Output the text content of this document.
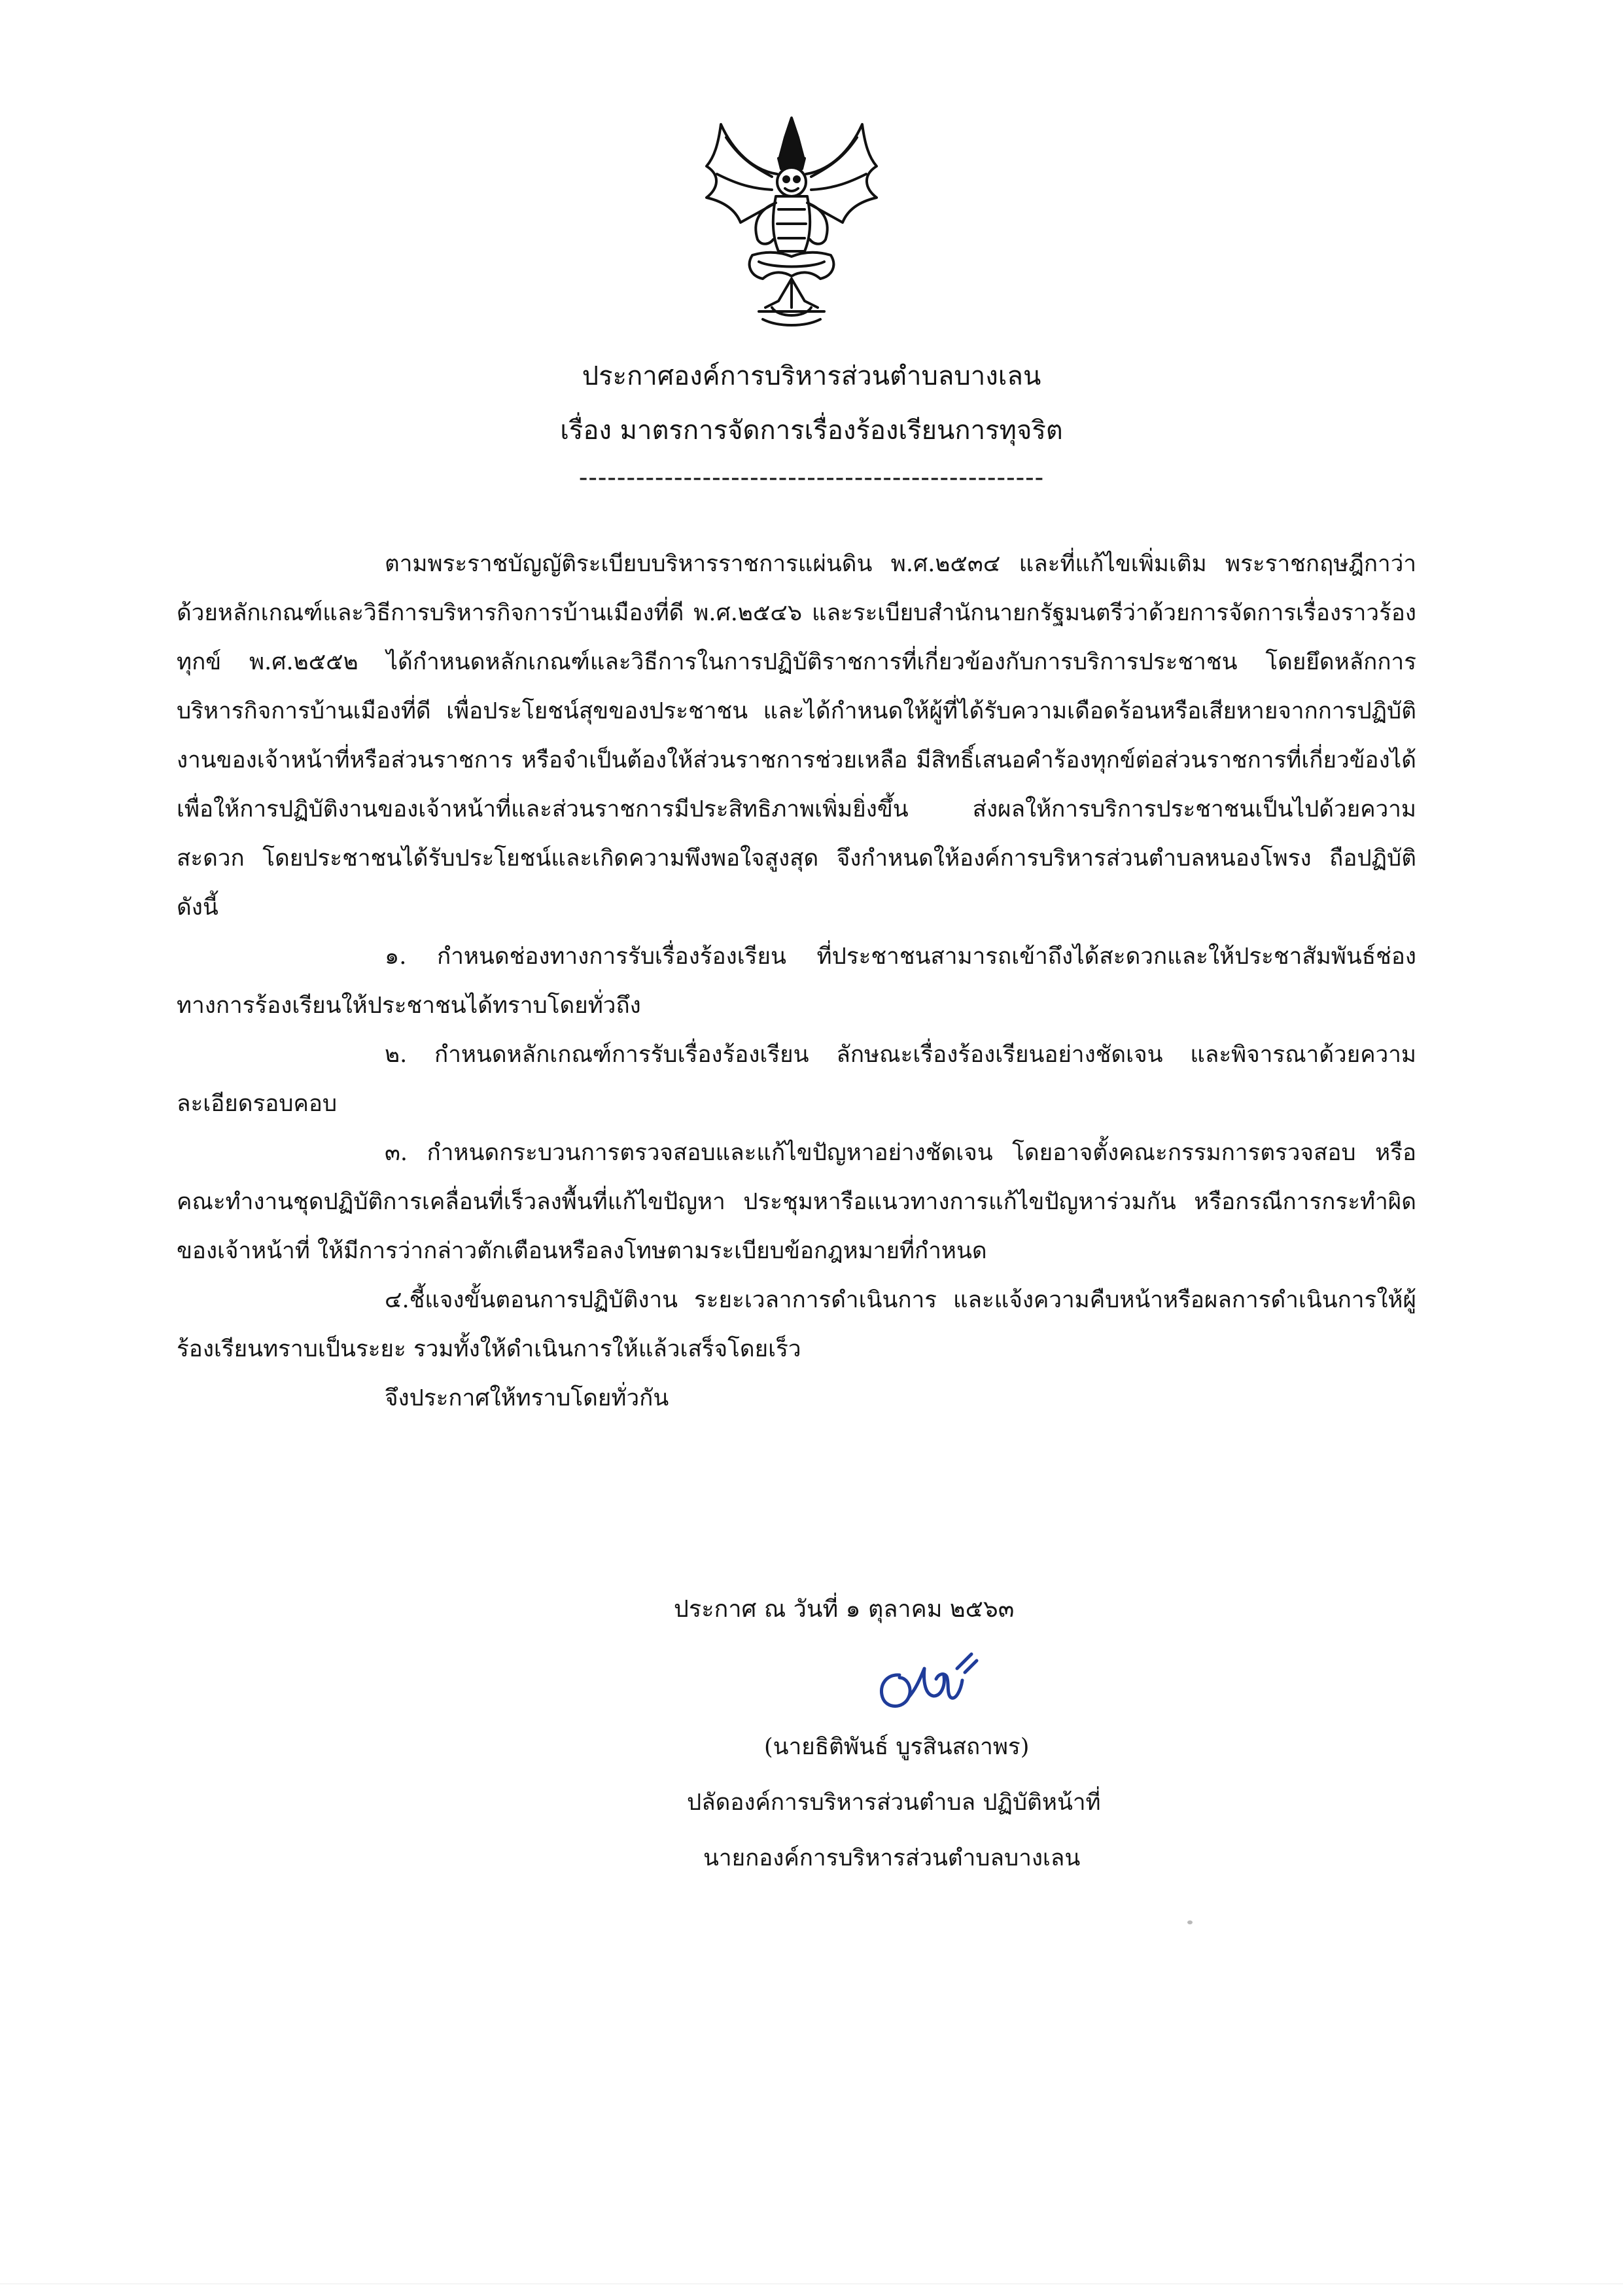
ประกาศองค์การบริหารส่วนตำบลบางเลน
เรื่อง มาตรการจัดการเรื่องร้องเรียนการทุจริต
-------------------------------------------------

ตามพระราชบัญญัติระเบียบบริหารราชการแผ่นดิน พ.ศ.๒๕๓๔ และที่แก้ไขเพิ่มเติม พระราชกฤษฎีกาว่าด้วยหลักเกณฑ์และวิธีการบริหารกิจการบ้านเมืองที่ดี พ.ศ.๒๕๔๖ และระเบียบสำนักนายกรัฐมนตรีว่าด้วยการจัดการเรื่องราวร้องทุกข์ พ.ศ.๒๕๕๒ ได้กำหนดหลักเกณฑ์และวิธีการในการปฏิบัติราชการที่เกี่ยวข้องกับการบริการประชาชน โดยยึดหลักการบริหารกิจการบ้านเมืองที่ดี เพื่อประโยชน์สุขของประชาชน และได้กำหนดให้ผู้ที่ได้รับความเดือดร้อนหรือเสียหายจากการปฏิบัติงานของเจ้าหน้าที่หรือส่วนราชการ หรือจำเป็นต้องให้ส่วนราชการช่วยเหลือ มีสิทธิ์เสนอคำร้องทุกข์ต่อส่วนราชการที่เกี่ยวข้องได้ เพื่อให้การปฏิบัติงานของเจ้าหน้าที่และส่วนราชการมีประสิทธิภาพเพิ่มยิ่งขึ้น ส่งผลให้การบริการประชาชนเป็นไปด้วยความสะดวก โดยประชาชนได้รับประโยชน์และเกิดความพึงพอใจสูงสุด จึงกำหนดให้องค์การบริหารส่วนตำบลหนองโพรง ถือปฏิบัติ ดังนี้

๑. กำหนดช่องทางการรับเรื่องร้องเรียน ที่ประชาชนสามารถเข้าถึงได้สะดวกและให้ประชาสัมพันธ์ช่องทางการร้องเรียนให้ประชาชนได้ทราบโดยทั่วถึง

๒. กำหนดหลักเกณฑ์การรับเรื่องร้องเรียน ลักษณะเรื่องร้องเรียนอย่างชัดเจน และพิจารณาด้วยความละเอียดรอบคอบ

๓. กำหนดกระบวนการตรวจสอบและแก้ไขปัญหาอย่างชัดเจน โดยอาจตั้งคณะกรรมการตรวจสอบ หรือคณะทำงานชุดปฏิบัติการเคลื่อนที่เร็วลงพื้นที่แก้ไขปัญหา ประชุมหารือแนวทางการแก้ไขปัญหาร่วมกัน หรือกรณีการกระทำผิดของเจ้าหน้าที่ ให้มีการว่ากล่าวตักเตือนหรือลงโทษตามระเบียบข้อกฎหมายที่กำหนด

๔.ชี้แจงขั้นตอนการปฏิบัติงาน ระยะเวลาการดำเนินการ และแจ้งความคืบหน้าหรือผลการดำเนินการให้ผู้ร้องเรียนทราบเป็นระยะ รวมทั้งให้ดำเนินการให้แล้วเสร็จโดยเร็ว

จึงประกาศให้ทราบโดยทั่วกัน

ประกาศ ณ วันที่ ๑ ตุลาคม ๒๕๖๓
(นายธิติพันธ์ บูรสินสถาพร)
ปลัดองค์การบริหารส่วนตำบล ปฏิบัติหน้าที่
นายกองค์การบริหารส่วนตำบลบางเลน
